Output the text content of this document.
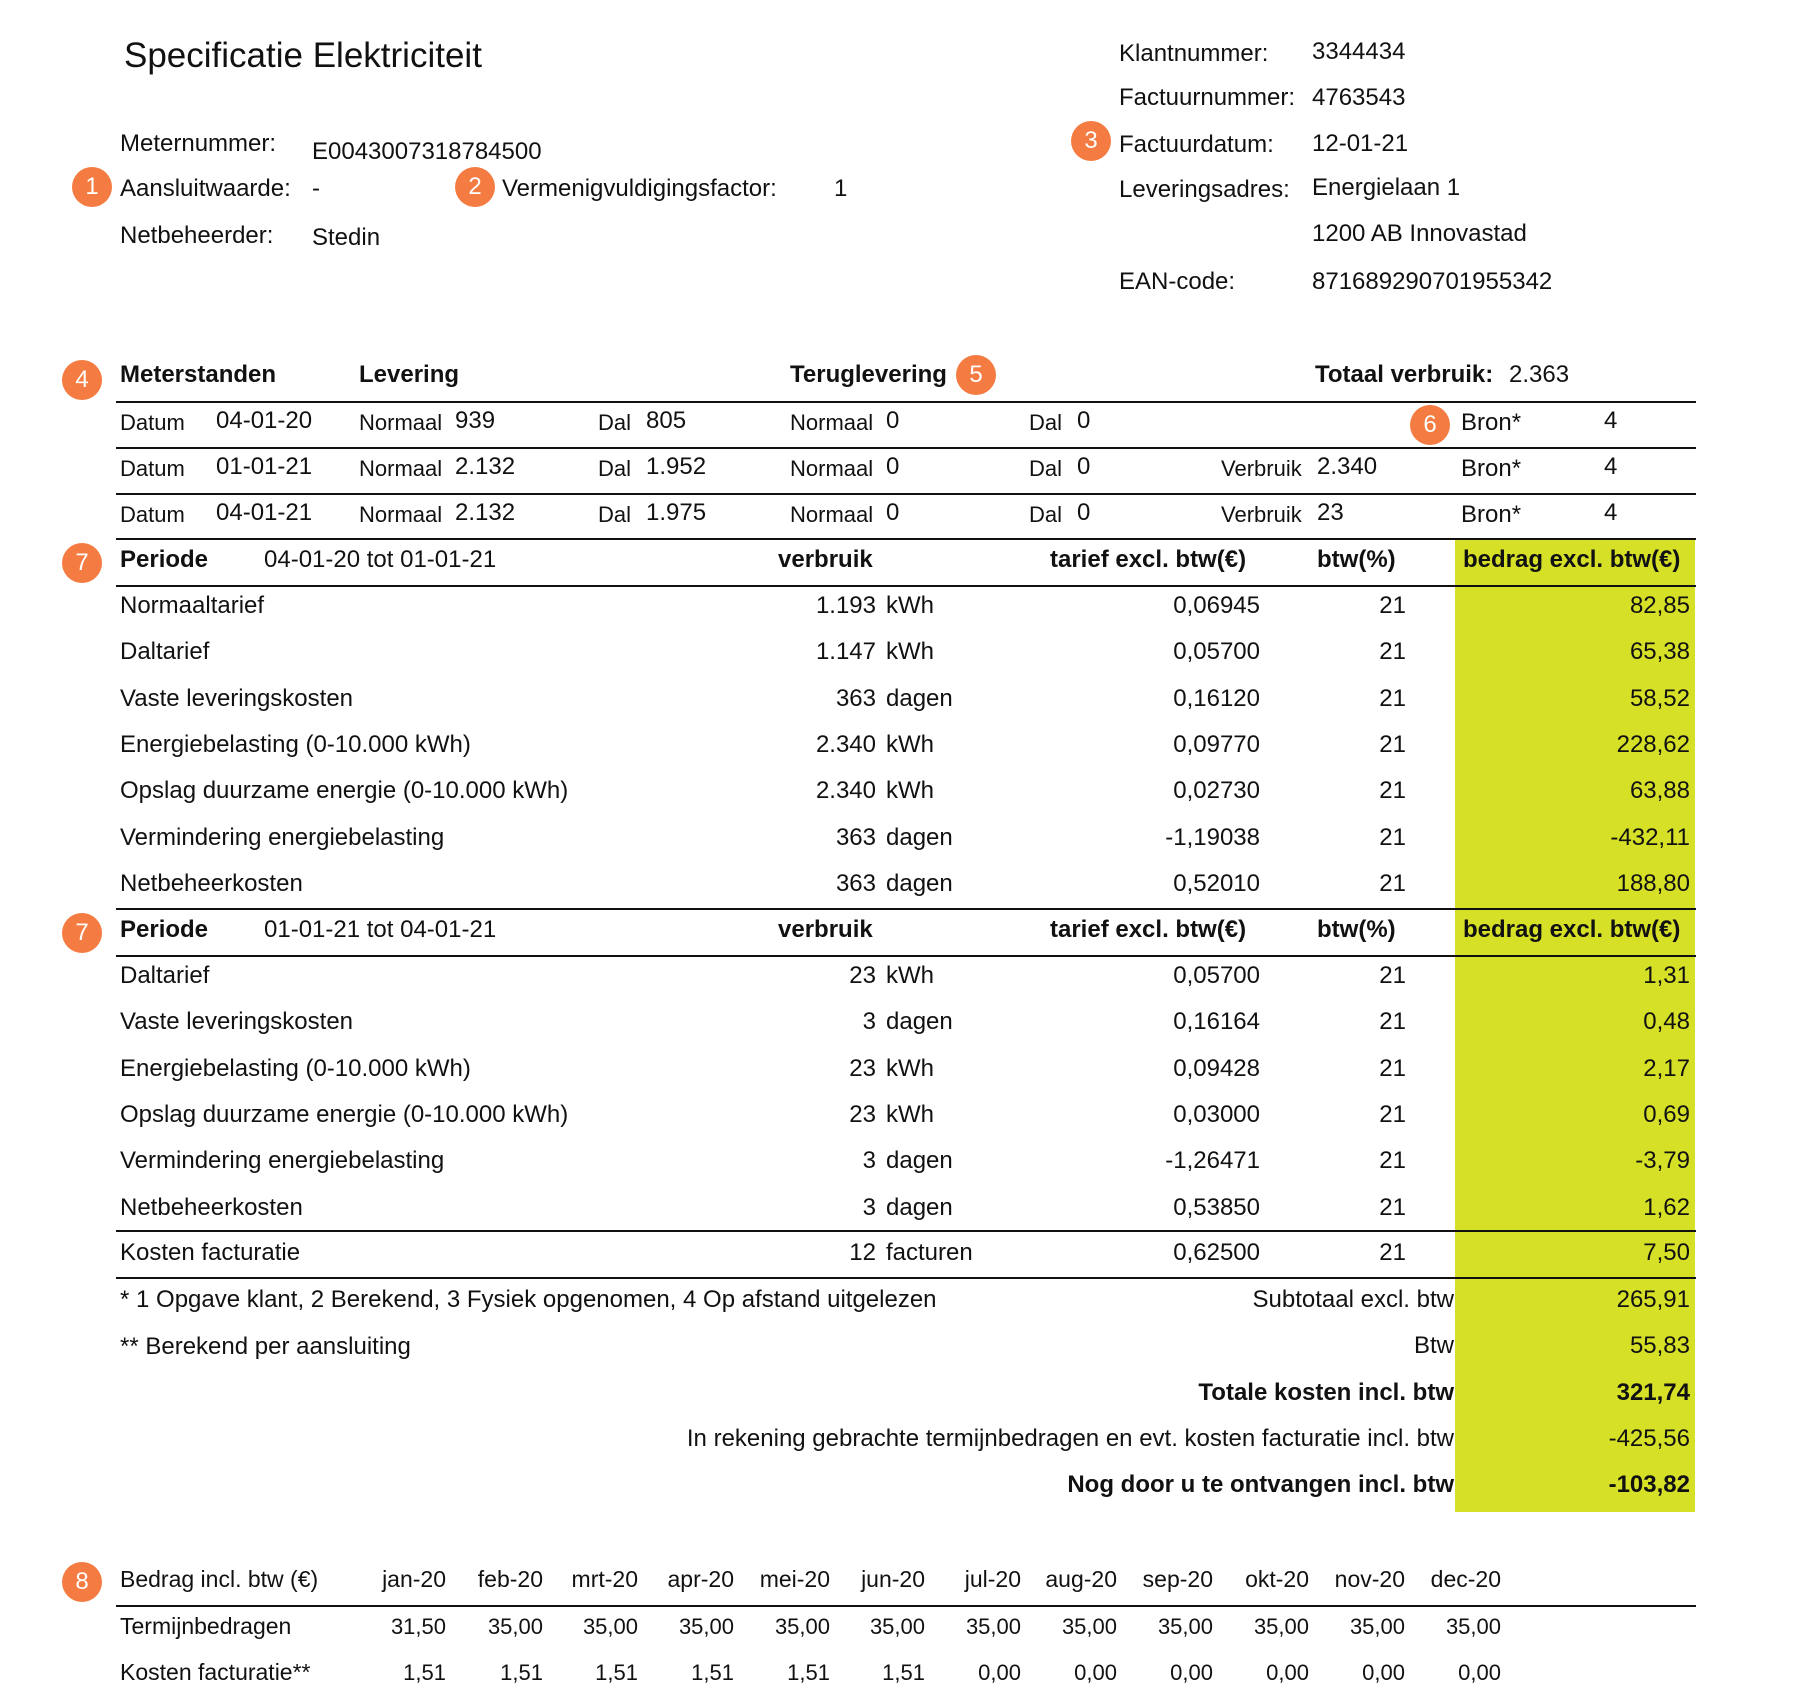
Specificatie Elektriciteit
Meternummer: E0043007318784500
Aansluitwaarde: -
Netbeheerder: Stedin
Vermenigvuldigingsfactor: 1
Klantnummer: 3344434
Factuurnummer: 4763543
Factuurdatum: 12-01-21
Leveringsadres: Energielaan 1
1200 AB Innovastad
EAN-code:	871689290701955342
1	2
3
4	5
6
7
7
8
Meterstanden	Levering	Teruglevering	Totaal verbruik: 2.363
Datum 04-01-20 Normaal 939	Dal 805	Normaal 0	Dal 0	Bron*	4
Datum 01-01-21 Normaal 2.132	Dal 1.952	Normaal 0	Dal 0	Verbruik 2.340	Bron*	4
Datum 04-01-21 Normaal 2.132	Dal 1.975	Normaal 0	Dal 0	Verbruik 23	Bron*	4
Periode 04-01-20 tot 01-01-21	verbruik	tarief excl. btw(€)	btw(%)	bedrag excl. btw(€)
Normaaltarief	1.193 kWh	0,06945	21	82,85
Daltarief	1.147 kWh	0,05700	21	65,38
Vaste leveringskosten	363 dagen	0,16120	21	58,52
Energiebelasting (0-10.000 kWh)	2.340 kWh	0,09770	21	228,62
Opslag duurzame energie (0-10.000 kWh)	2.340 kWh	0,02730	21	63,88
Vermindering energiebelasting	363 dagen	-1,19038	21	-432,11
Netbeheerkosten	363 dagen	0,52010	21	188,80
Periode 01-01-21 tot 04-01-21	verbruik	tarief excl. btw(€)	btw(%)	bedrag excl. btw(€)
Daltarief	23 kWh	0,05700	21	1,31
Vaste leveringskosten	3 dagen	0,16164	21	0,48
Energiebelasting (0-10.000 kWh)	23 kWh	0,09428	21	2,17
Opslag duurzame energie (0-10.000 kWh)	23 kWh	0,03000	21	0,69
Vermindering energiebelasting	3 dagen	-1,26471	21	-3,79
Netbeheerkosten	3 dagen	0,53850	21	1,62
Kosten facturatie	12 facturen	0,62500	21	7,50
* 1 Opgave klant, 2 Berekend, 3 Fysiek opgenomen, 4 Op afstand uitgelezen
** Berekend per aansluiting
Subtotaal excl. btw	265,91
Btw	55,83
Totale kosten incl. btw	321,74
In rekening gebrachte termijnbedragen en evt. kosten facturatie incl. btw	-425,56
Nog door u te ontvangen incl. btw	-103,82
Bedrag incl. btw (€)	jan-20	feb-20	mrt-20	apr-20	mei-20	jun-20	jul-20	aug-20	sep-20	okt-20	nov-20	dec-20
Termijnbedragen	31,50	35,00	35,00	35,00	35,00	35,00	35,00	35,00	35,00	35,00	35,00	35,00
Kosten facturatie**	1,51	1,51	1,51	1,51	1,51	1,51	0,00	0,00	0,00	0,00	0,00	0,00
